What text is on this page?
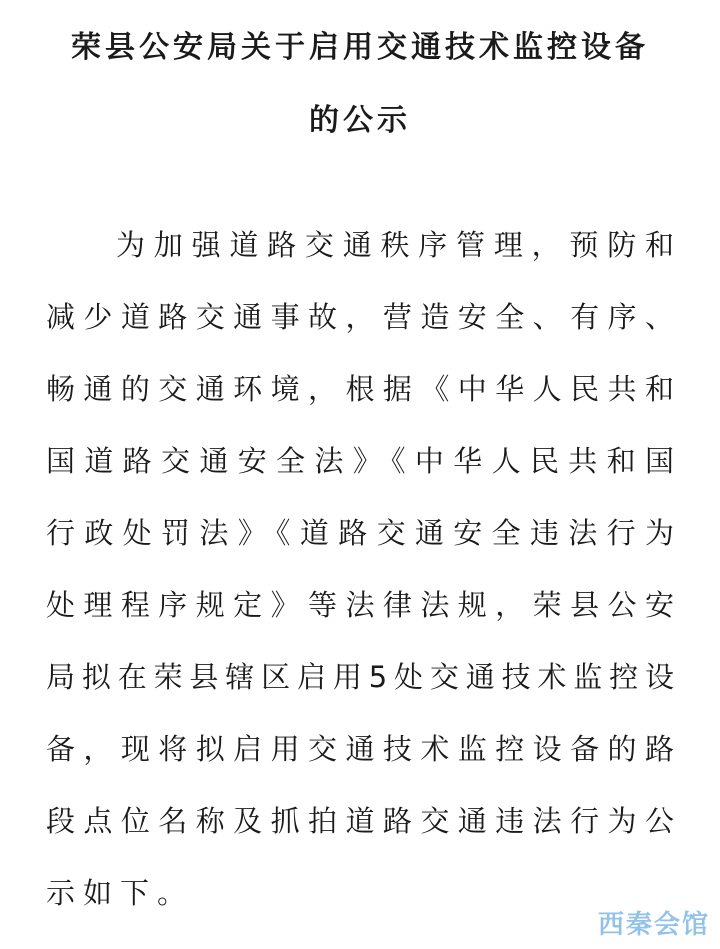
荣县公安局关于启用交通技术监控设备
的公示
为加强道路交通秩序管理，预防和
减少道路交通事故，营造安全、有序、
畅通的交通环境，根据《中华人民共和
国道路交通安全法》《中华人民共和国
行政处罚法》《道路交通安全违法行为
处理程序规定》等法律法规，荣县公安
局拟在荣县辖区启用5处交通技术监控设
备，现将拟启用交通技术监控设备的路
段点位名称及抓拍道路交通违法行为公
示如下。
西秦会馆
